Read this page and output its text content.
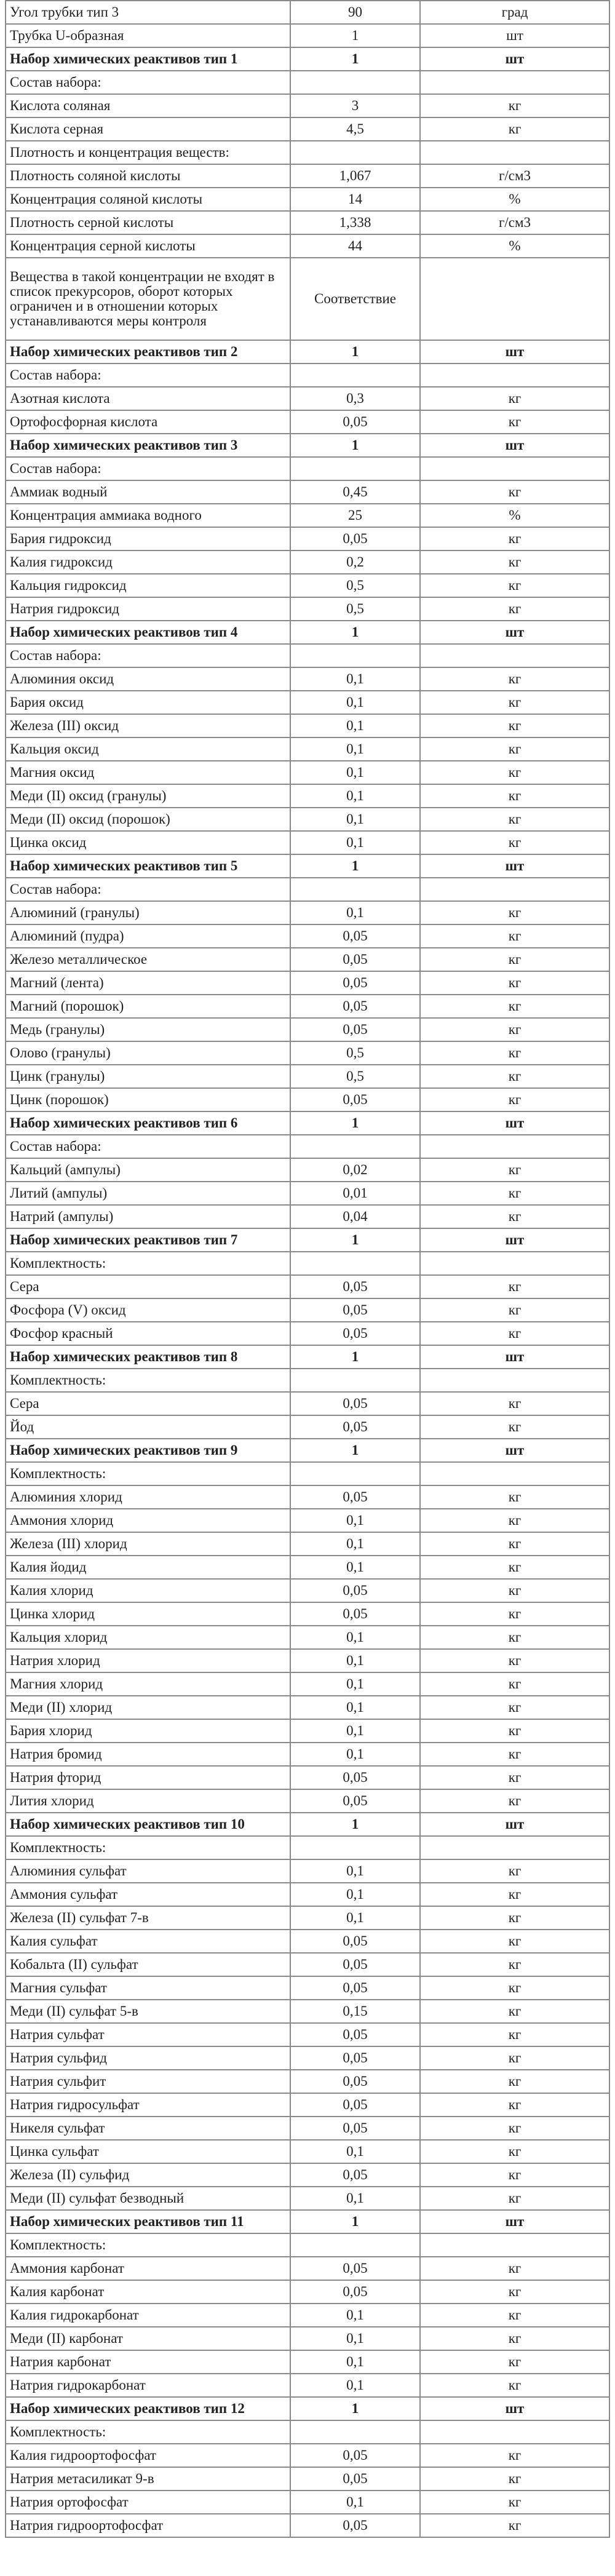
Угол трубки тип 3	90	град
Трубка U-образная	1	шт
Набор химических реактивов тип 1	1	шт
Состав набора:		
Кислота соляная	3	кг
Кислота серная	4,5	кг
Плотность и концентрация веществ:		
Плотность соляной кислоты	1,067	г/см3
Концентрация соляной кислоты	14	%
Плотность серной кислоты	1,338	г/см3
Концентрация серной кислоты	44	%
Вещества в такой концентрации не входят в список прекурсоров, оборот которых ограничен и в отношении которых устанавливаются меры контроля	Соответствие	
Набор химических реактивов тип 2	1	шт
Состав набора:		
Азотная кислота	0,3	кг
Ортофосфорная кислота	0,05	кг
Набор химических реактивов тип 3	1	шт
Состав набора:		
Аммиак водный	0,45	кг
Концентрация аммиака водного	25	%
Бария гидроксид	0,05	кг
Калия гидроксид	0,2	кг
Кальция гидроксид	0,5	кг
Натрия гидроксид	0,5	кг
Набор химических реактивов тип 4	1	шт
Состав набора:		
Алюминия оксид	0,1	кг
Бария оксид	0,1	кг
Железа (III) оксид	0,1	кг
Кальция оксид	0,1	кг
Магния оксид	0,1	кг
Меди (II) оксид (гранулы)	0,1	кг
Меди (II) оксид (порошок)	0,1	кг
Цинка оксид	0,1	кг
Набор химических реактивов тип 5	1	шт
Состав набора:		
Алюминий (гранулы)	0,1	кг
Алюминий (пудра)	0,05	кг
Железо металлическое	0,05	кг
Магний (лента)	0,05	кг
Магний (порошок)	0,05	кг
Медь (гранулы)	0,05	кг
Олово (гранулы)	0,5	кг
Цинк (гранулы)	0,5	кг
Цинк (порошок)	0,05	кг
Набор химических реактивов тип 6	1	шт
Состав набора:		
Кальций (ампулы)	0,02	кг
Литий (ампулы)	0,01	кг
Натрий (ампулы)	0,04	кг
Набор химических реактивов тип 7	1	шт
Комплектность:		
Сера	0,05	кг
Фосфора (V) оксид	0,05	кг
Фосфор красный	0,05	кг
Набор химических реактивов тип 8	1	шт
Комплектность:		
Сера	0,05	кг
Йод	0,05	кг
Набор химических реактивов тип 9	1	шт
Комплектность:		
Алюминия хлорид	0,05	кг
Аммония хлорид	0,1	кг
Железа (III) хлорид	0,1	кг
Калия йодид	0,1	кг
Калия хлорид	0,05	кг
Цинка хлорид	0,05	кг
Кальция хлорид	0,1	кг
Натрия хлорид	0,1	кг
Магния хлорид	0,1	кг
Меди (II) хлорид	0,1	кг
Бария хлорид	0,1	кг
Натрия бромид	0,1	кг
Натрия фторид	0,05	кг
Лития хлорид	0,05	кг
Набор химических реактивов тип 10	1	шт
Комплектность:		
Алюминия сульфат	0,1	кг
Аммония сульфат	0,1	кг
Железа (II) сульфат 7-в	0,1	кг
Калия сульфат	0,05	кг
Кобальта (II) сульфат	0,05	кг
Магния сульфат	0,05	кг
Меди (II) сульфат 5-в	0,15	кг
Натрия сульфат	0,05	кг
Натрия сульфид	0,05	кг
Натрия сульфит	0,05	кг
Натрия гидросульфат	0,05	кг
Никеля сульфат	0,05	кг
Цинка сульфат	0,1	кг
Железа (II) сульфид	0,05	кг
Меди (II) сульфат безводный	0,1	кг
Набор химических реактивов тип 11	1	шт
Комплектность:		
Аммония карбонат	0,05	кг
Калия карбонат	0,05	кг
Калия гидрокарбонат	0,1	кг
Меди (II) карбонат	0,1	кг
Натрия карбонат	0,1	кг
Натрия гидрокарбонат	0,1	кг
Набор химических реактивов тип 12	1	шт
Комплектность:		
Калия гидроортофосфат	0,05	кг
Натрия метасиликат 9-в	0,05	кг
Натрия ортофосфат	0,1	кг
Натрия гидроортофосфат	0,05	кг
